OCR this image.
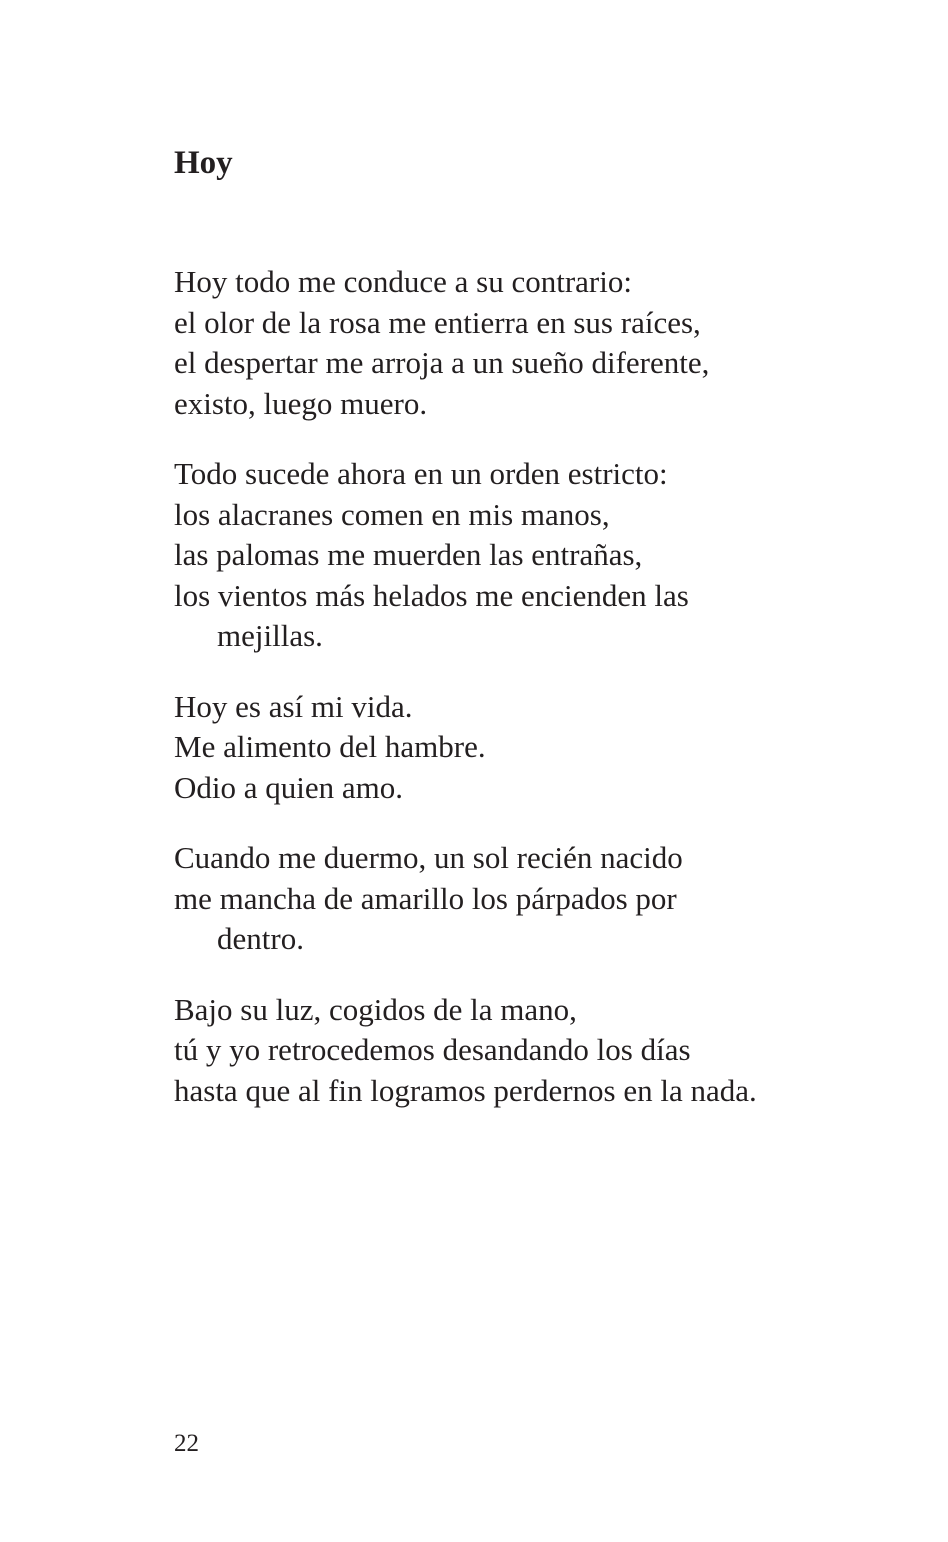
Hoy
Hoy todo me conduce a su contrario:
el olor de la rosa me entierra en sus raíces,
el despertar me arroja a un sueño diferente,
existo, luego muero.
Todo sucede ahora en un orden estricto:
los alacranes comen en mis manos,
las palomas me muerden las entrañas,
los vientos más helados me encienden las
mejillas.
Hoy es así mi vida.
Me alimento del hambre.
Odio a quien amo.
Cuando me duermo, un sol recién nacido
me mancha de amarillo los párpados por
dentro.
Bajo su luz, cogidos de la mano,
tú y yo retrocedemos desandando los días
hasta que al fin logramos perdernos en la nada.
22
